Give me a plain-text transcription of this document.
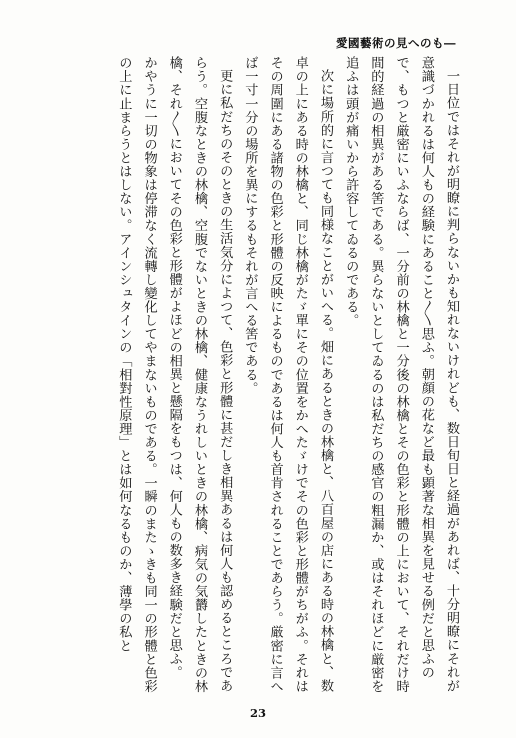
―ものへ見の術藝國愛

一日位ではそれが明瞭に判らないかも知れないけれども、数日旬日と経過があれば、十分明瞭にそれが意識づかれるは何人もの経験にあること〱思ふ。朝顔の花など最も顕著な相異を見せる例だと思ふので、もつと厳密にいふならば、一分前の林檎と一分後の林檎とその色彩と形體の上において、それだけ時間的経過の相異がある筈である。異らないとしてゐるのは私だちの感官の粗漏か、或はそれほどに厳密を追ふは頭が痛いから許容してゐるのである。

次に場所的に言つても同様なことがいへる。畑にあるときの林檎と、八百屋の店にある時の林檎と、数卓の上にある時の林檎と、同じ林檎がたゞ單にその位置をかへたゞけでその色彩と形體がちがふ。それはその周圍にある諸物の色彩と形體の反映によるものであるは何人も首肯されることであらう。厳密に言へば一寸一分の場所を異にするもそれが言へる筈である。

更に私だちのそのときの生活気分によつて、色彩と形體に甚だしき相異あるは何人も認めるところであらう。空腹なときの林檎、空腹でないときの林檎、健康なうれしいときの林檎、病気の気欝したときの林檎、それ〳〵においてその色彩と形體がよほどの相異と懸隔をもつは、何人もの数多き経験だと思ふ。

かやうに一切の物象は停滞なく流轉し變化してやまないものである。一瞬のまたゝきも同一の形體と色彩の上に止まらうとはしない。アインシュタインの「相對性原理」とは如何なるものか、薄學の私と

23
